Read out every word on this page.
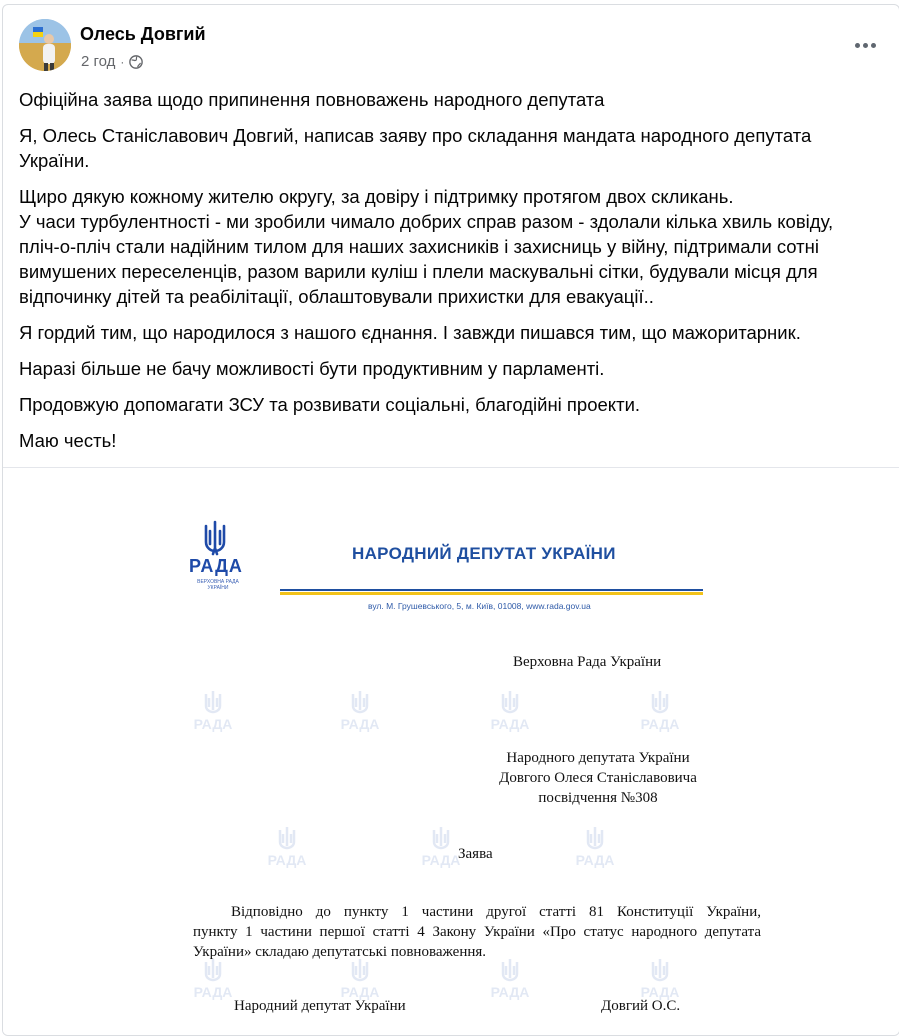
Олесь Довгий
2 год ·

Офіційна заява щодо припинення повноважень народного депутата

Я, Олесь Станіславович Довгий, написав заяву про складання мандата народного депутата
України.

Щиро дякую кожному жителю округу, за довіру і підтримку протягом двох скликань.
У часи турбулентності - ми зробили чимало добрих справ разом - здолали кілька хвиль ковіду,
пліч-о-пліч стали надійним тилом для наших захисників і захисниць у війну, підтримали сотні
вимушених переселенців, разом варили куліш і плели маскувальні сітки, будували місця для
відпочинку дітей та реабілітації, облаштовували прихистки для евакуації..

Я гордий тим, що народилося з нашого єднання. І завжди пишався тим, що мажоритарник.

Наразі більше не бачу можливості бути продуктивним у парламенті.

Продовжую допомагати ЗСУ та розвивати соціальні, благодійні проекти.

Маю честь!

РАДА	РАДА	РАДА	РАДА
РАДА	РАДА	РАДА
РАДА	РАДА	РАДА	РАДА
РАДА
ВЕРХОВНА РАДА УКРАЇНИ
НАРОДНИЙ ДЕПУТАТ УКРАЇНИ
вул. М. Грушевського, 5, м. Київ, 01008, www.rada.gov.ua
Верховна Рада України
Народного депутата України
Довгого Олеся Станіславовича
посвідчення №308
Заява
Відповідно до пункту 1 частини другої статті 81 Конституції України,
пункту 1 частини першої статті 4 Закону України «Про статус народного депутата
України» складаю депутатські повноваження.
Народний депутат України	Довгий О.С.
